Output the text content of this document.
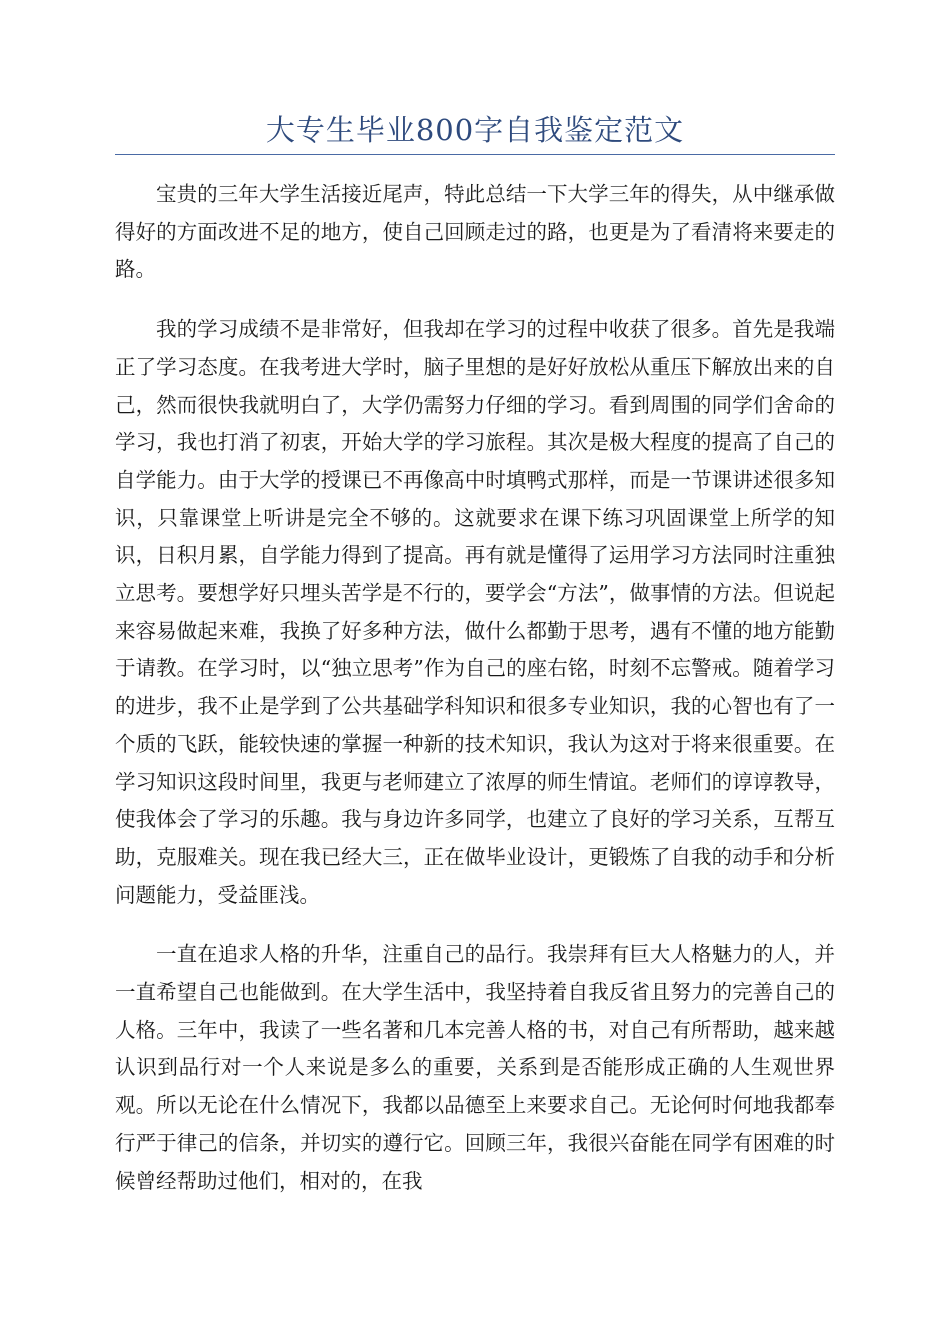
大专生毕业800字自我鉴定范文

宝贵的三年大学生活接近尾声，特此总结一下大学三年的得失，从中继承做得好的方面改进不足的地方，使自己回顾走过的路，也更是为了看清将来要走的路。

我的学习成绩不是非常好，但我却在学习的过程中收获了很多。首先是我端正了学习态度。在我考进大学时，脑子里想的是好好放松从重压下解放出来的自己，然而很快我就明白了，大学仍需努力仔细的学习。看到周围的同学们舍命的学习，我也打消了初衷，开始大学的学习旅程。其次是极大程度的提高了自己的自学能力。由于大学的授课已不再像高中时填鸭式那样，而是一节课讲述很多知识，只靠课堂上听讲是完全不够的。这就要求在课下练习巩固课堂上所学的知识，日积月累，自学能力得到了提高。再有就是懂得了运用学习方法同时注重独立思考。要想学好只埋头苦学是不行的，要学会“方法”，做事情的方法。但说起来容易做起来难，我换了好多种方法，做什么都勤于思考，遇有不懂的地方能勤于请教。在学习时，以“独立思考”作为自己的座右铭，时刻不忘警戒。随着学习的进步，我不止是学到了公共基础学科知识和很多专业知识，我的心智也有了一个质的飞跃，能较快速的掌握一种新的技术知识，我认为这对于将来很重要。在学习知识这段时间里，我更与老师建立了浓厚的师生情谊。老师们的谆谆教导，使我体会了学习的乐趣。我与身边许多同学，也建立了良好的学习关系，互帮互助，克服难关。现在我已经大三，正在做毕业设计，更锻炼了自我的动手和分析问题能力，受益匪浅。

一直在追求人格的升华，注重自己的品行。我崇拜有巨大人格魅力的人，并一直希望自己也能做到。在大学生活中，我坚持着自我反省且努力的完善自己的人格。三年中，我读了一些名著和几本完善人格的书，对自己有所帮助，越来越认识到品行对一个人来说是多么的重要，关系到是否能形成正确的人生观世界观。所以无论在什么情况下，我都以品德至上来要求自己。无论何时何地我都奉行严于律己的信条，并切实的遵行它。回顾三年，我很兴奋能在同学有困难的时候曾经帮助过他们，相对的，在我
